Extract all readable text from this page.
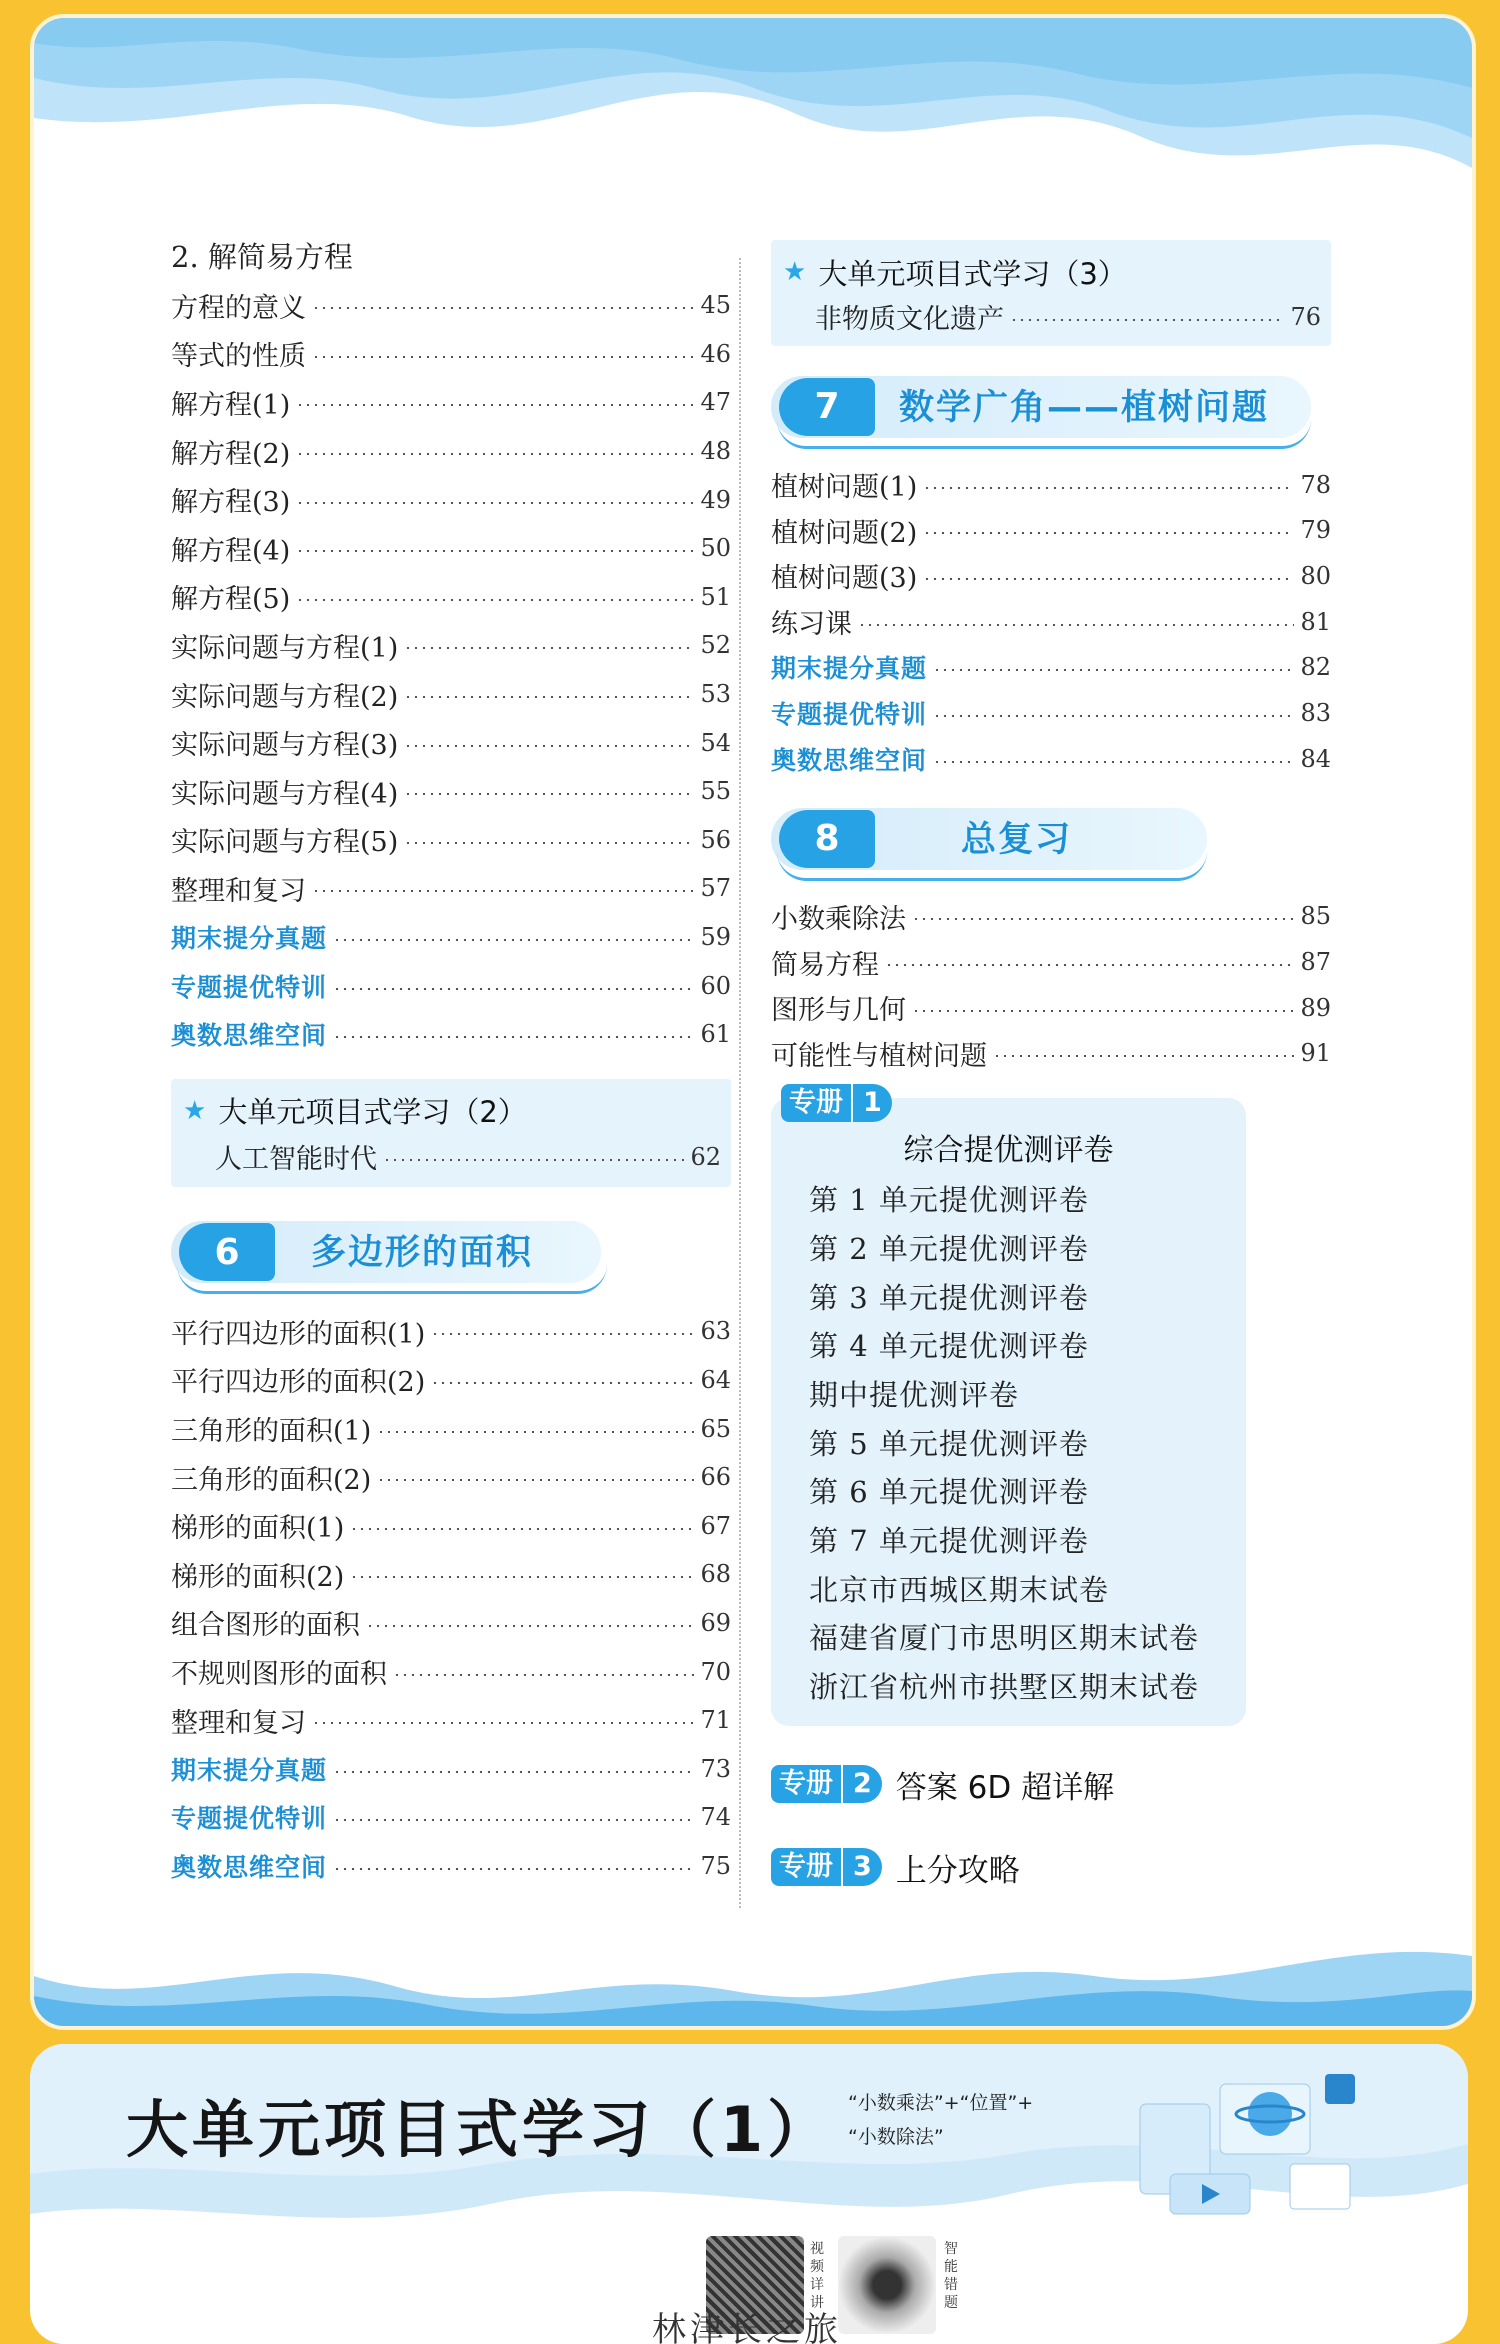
2. 解简易方程
方程的意义	45
等式的性质	46
解方程(1)	47
解方程(2)	48
解方程(3)	49
解方程(4)	50
解方程(5)	51
实际问题与方程(1)	52
实际问题与方程(2)	53
实际问题与方程(3)	54
实际问题与方程(4)	55
实际问题与方程(5)	56
整理和复习	57
期末提分真题	59
专题提优特训	60
奥数思维空间	61
★ 大单元项目式学习（2）
人工智能时代	62
6	多边形的面积
平行四边形的面积(1)	63
平行四边形的面积(2)	64
三角形的面积(1)	65
三角形的面积(2)	66
梯形的面积(1)	67
梯形的面积(2)	68
组合图形的面积	69
不规则图形的面积	70
整理和复习	71
期末提分真题	73
专题提优特训	74
奥数思维空间	75
★ 大单元项目式学习（3）
非物质文化遗产	76
7	数学广角——植树问题
植树问题(1)	78
植树问题(2)	79
植树问题(3)	80
练习课	81
期末提分真题	82
专题提优特训	83
奥数思维空间	84
8	总复习
小数乘除法	85
简易方程	87
图形与几何	89
可能性与植树问题	91
专册 1
综合提优测评卷
第 1 单元提优测评卷
第 2 单元提优测评卷
第 3 单元提优测评卷
第 4 单元提优测评卷
期中提优测评卷
第 5 单元提优测评卷
第 6 单元提优测评卷
第 7 单元提优测评卷
北京市西城区期末试卷
福建省厦门市思明区期末试卷
浙江省杭州市拱墅区期末试卷
专册 2 答案 6D 超详解
专册 3 上分攻略
大单元项目式学习（1） “小数乘法”+“位置”+
“小数除法”
视频详讲
智能错题
林津长之旅
